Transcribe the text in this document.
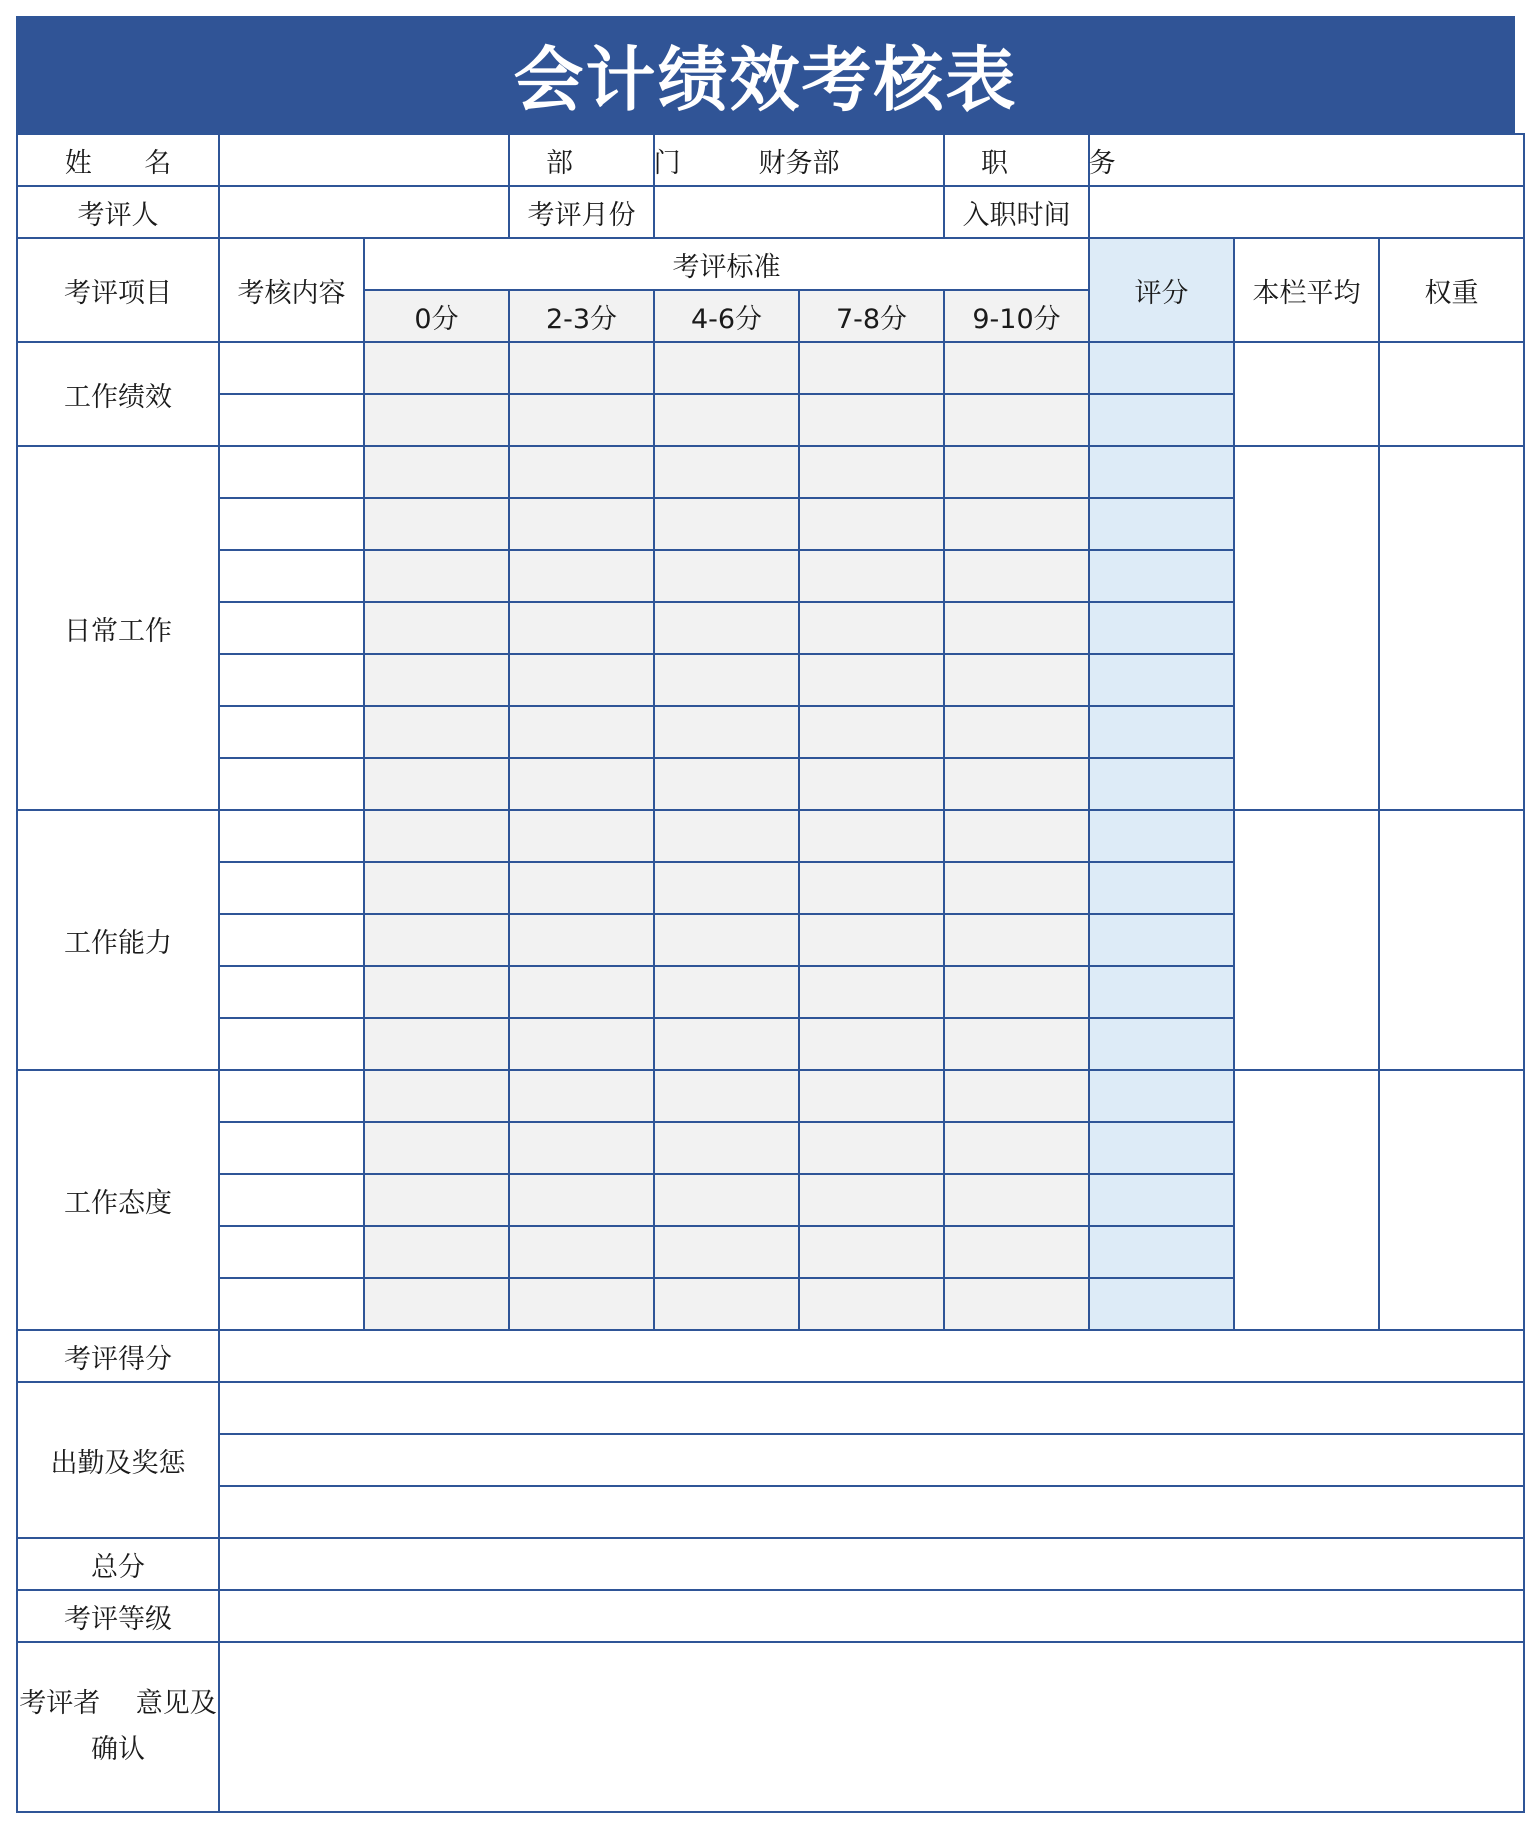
会计绩效考核表
姓 名			部 门	财务部		职 务			
考评人			考评月份			入职时间			
考评项目	考核内容	考评标准					评分	本栏平均	权重
		0分	2-3分	4-6分	7-8分	9-10分			
工作绩效									

日常工作									

工作能力									

工作态度									

考评得分									
出勤及奖惩									

总分									
考评等级									
考评者　 意见及确认									
